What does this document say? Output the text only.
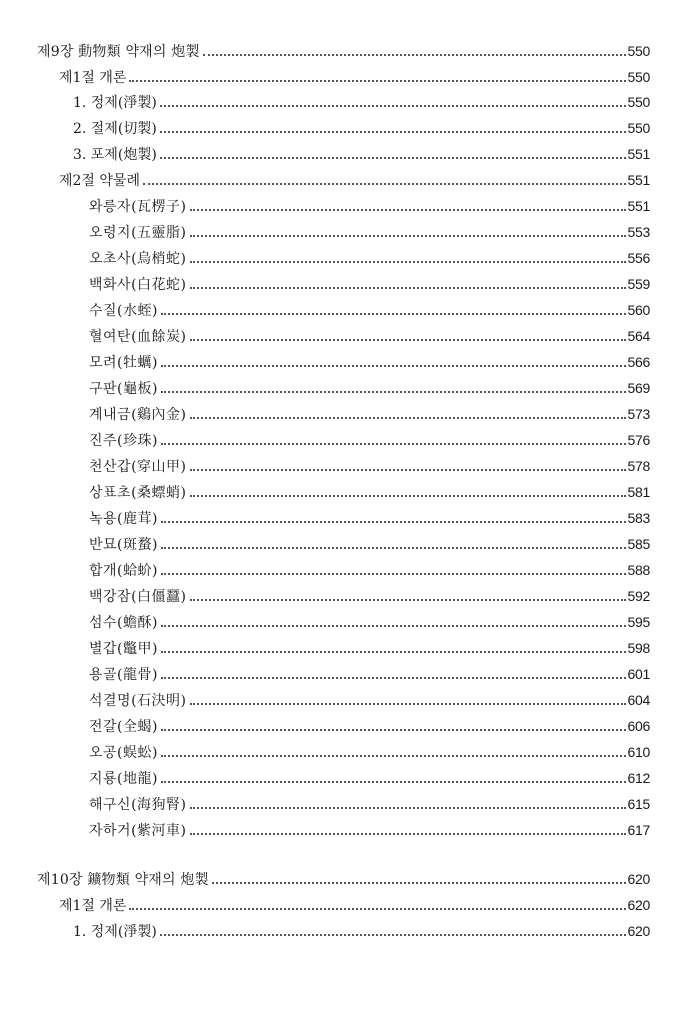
제9장 動物類 약재의 炮製	550
제1절 개론	550
1. 정제(淨製)	550
2. 절제(切製)	550
3. 포제(炮製)	551
제2절 약물례	551
와릉자(瓦楞子)	551
오령지(五靈脂)	553
오초사(烏梢蛇)	556
백화사(白花蛇)	559
수질(水蛭)	560
혈여탄(血餘炭)	564
모려(牡蠣)	566
구판(龜板)	569
계내금(鷄內金)	573
진주(珍珠)	576
천산갑(穿山甲)	578
상표초(桑螵蛸)	581
녹용(鹿茸)	583
반묘(斑蝥)	585
합개(蛤蚧)	588
백강잠(白僵蠶)	592
섬수(蟾酥)	595
별갑(鼈甲)	598
용골(龍骨)	601
석결명(石決明)	604
전갈(全蝎)	606
오공(蜈蚣)	610
지룡(地龍)	612
해구신(海狗腎)	615
자하거(紫河車)	617
제10장 鑛物類 약재의 炮製	620
제1절 개론	620
1. 정제(淨製)	620
